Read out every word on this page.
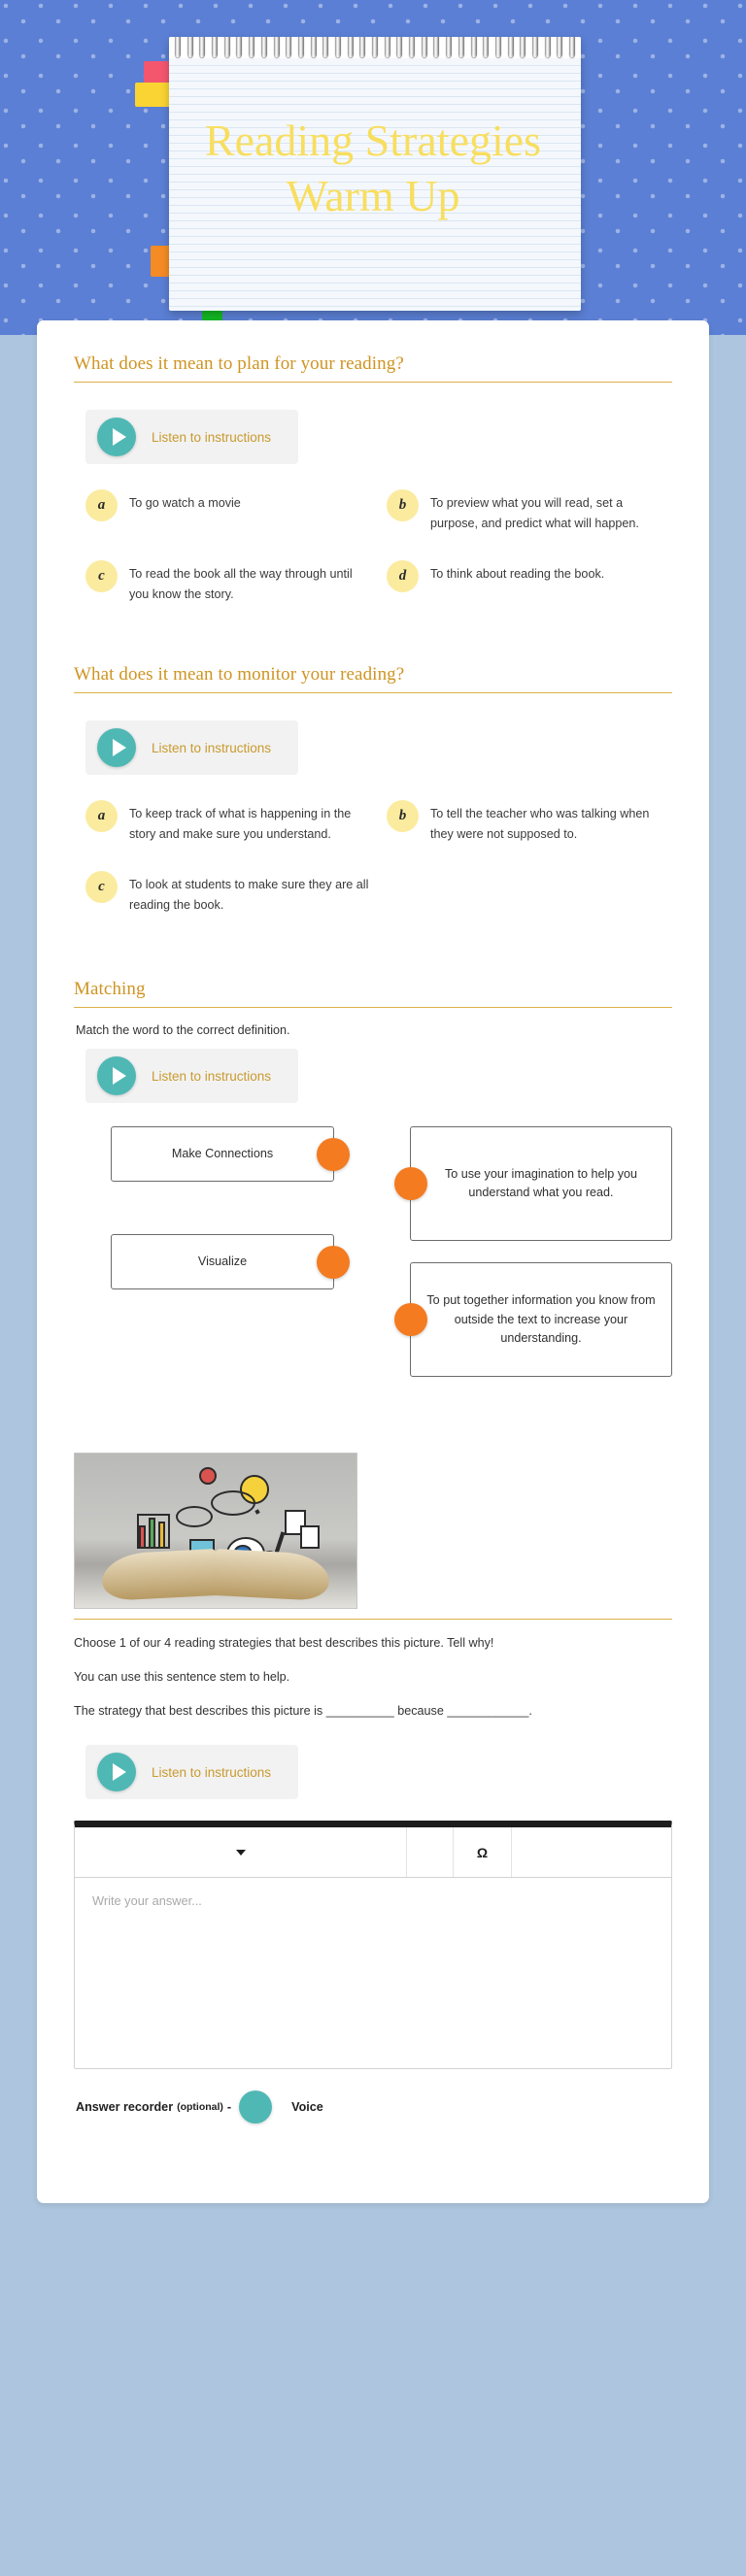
Reading Strategies
Warm Up
What does it mean to plan for your reading?
Listen to instructions
a	To go watch a movie	b	To preview what you will read, set a purpose, and predict what will happen.
c	To read the book all the way through until you know the story.
d	To think about reading the book.
What does it mean to monitor your reading?
Listen to instructions
a	To keep track of what is happening in the story and make sure you understand.
b	To tell the teacher who was talking when they were not supposed to.
c	To look at students to make sure they are all reading the book.
Matching
Match the word to the correct definition.
Listen to instructions
Make Connections
Visualize
To use your imagination to help you understand what you read.
To put together information you know from outside the text to increase your understanding.
Choose 1 of our 4 reading strategies that best describes this picture. Tell why!
You can use this sentence stem to help.
The strategy that best describes this picture is __________ because ____________.
Listen to instructions
Ω
Write your answer...
Answer recorder (optional) -	Voice
